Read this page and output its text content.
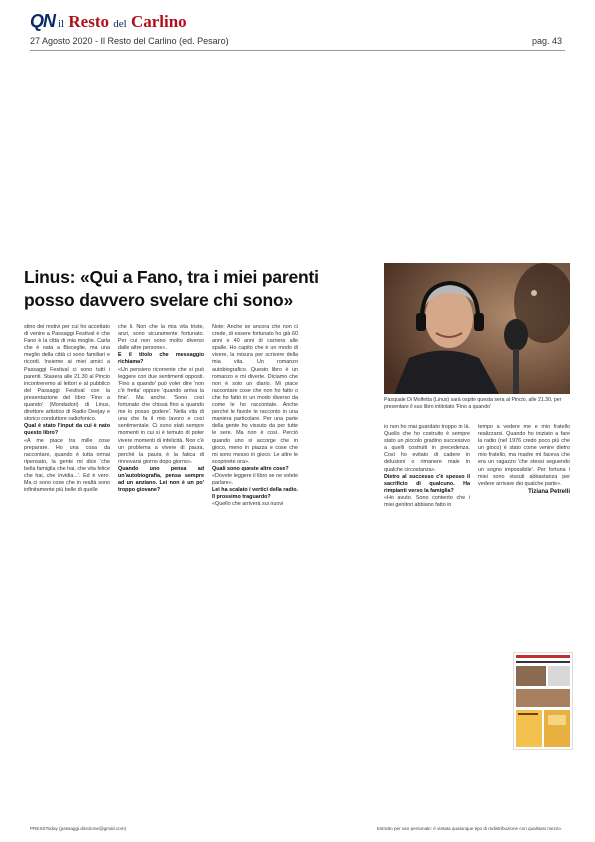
QN il Resto del Carlino
27 Agosto 2020 - Il Resto del Carlino (ed. Pesaro)	pag. 43
Linus: «Qui a Fano, tra i miei parenti
posso davvero svelare chi sono»
Pasquale Di Molfetta (Linus) sarà ospite questa sera al Pincio, alle 21.30, per presentare il suo libro intitolato 'Fino a quando'

stino dei motivi per cui ho accettato di venire a Passaggi Festival è che Fano è la città di mia moglie. Carla che è nata a Bisceglie, ma una meglio della città ci sono familiari e ricordi. Insieme ai miei amici a Passaggi Festival ci sono tutti i parenti. Stasera alle 21.30 al Pincio incontreremo al lettori e al pubblico del Passaggi Festival con la presentazione del libro 'Fino a quando' (Mondadori) di Linus, direttore artistico di Radio Deejay e storico conduttore radiofonico.

Qual è stato l'input da cui è nato questo libro?

«A me piace tra mille cose preparare. Ho una cosa da raccontare, quando è tutta ormai ripensato, la gente mi dice 'che bella famiglia che hai, che vita felice che hai, che invidia...'. Ed è vero. Ma ci sono cose che in realtà sono infinitamente più belle di quelle

che li. Non che la mia vita triste, anzi, sono sicuramente fortunato. Per cui non sono molto diverso dalle altre persone».

E il titolo che messaggio richiama?

«Un pensiero ricorrente che si può leggere con due sentimenti opposti. 'Fino a quando' può voler dire 'non c'è fretta' oppure 'quando arriva la fine'. Ma anche. 'Sono così fortunato che chissà fino a quando me lo posso godere'. Nella vita di una che fa il mio lavoro e così sentimentale. Ci sono stati sempre momenti in cui si è temuto di poter vivere momenti di infelicità. Non c'è un problema a vivere di paura, perché la paura è la fatica di rinnovarsi giorno dopo giorno».

Quando uno pensa ad un'autobiografia, pensa sempre ad un anziano. Lei non è un po' troppo giovane?

Note: Anche se ancora che non ci crede, di essere fortunato ho già 60 anni e 40 anni di carriera alle spalle. Ho capito che è un modo di vivere, la misura per scrivere della mia vita. Un romanzo autobiografico. Questo libro è un romanzo e mi diverte. Diciamo che non è solo un diario. Mi piace raccontare cose che non ho fatto o che ho fatto in un modo diverso da come le ho raccontate. Anche perché le favole le racconto in una maniera particolare. Per una parte della gente ho vissuto da per tutte le sere. Ma non è così. Perciò quando uno si accorge che in gioco, meno in piazza e cose che mi sono messo in gioco. Le altre le scoprirete ora».

Quali sono queste altre cose?

«Dovete leggere il libro se ne volete parlare».

Lei ha scalato i vertici della radio. Il prossimo traguardo?

«Quello che arriverà sui nuovi

io non ho mai guardato troppo in là. Quello che ho costruito è sempre stato un piccolo gradino successivo a quelli costruiti in precedenza. Così ho evitato di cadere in delusioni o rimanere male in qualche circostanza».

Dietro al successo c'è spesso il sacrificio di qualcuno. Ha rimpianti verso la famiglia?

«Ho avuto. Sono contento che i miei genitori abbiano fatto in

tempo a vedere me e mio fratello realizzarsi. Quando ho iniziato a fare la radio (nel 1976 credo poco più che un gioco) è stato come venire dietro mio fratello, ma madre mi faceva che era un ragazzo 'che stessi seguendo un sogno impossibile'. Per fortuna i miei sono vissuti abbastanza per vedere arrivare dei qualche parte».

Tiziana Petrelli
PRESSToday (passaggi.direzione@gmail.com)	Estratto per uso personale: è vietata qualunque tipo di redistribuzione con qualsiasi mezzo.
